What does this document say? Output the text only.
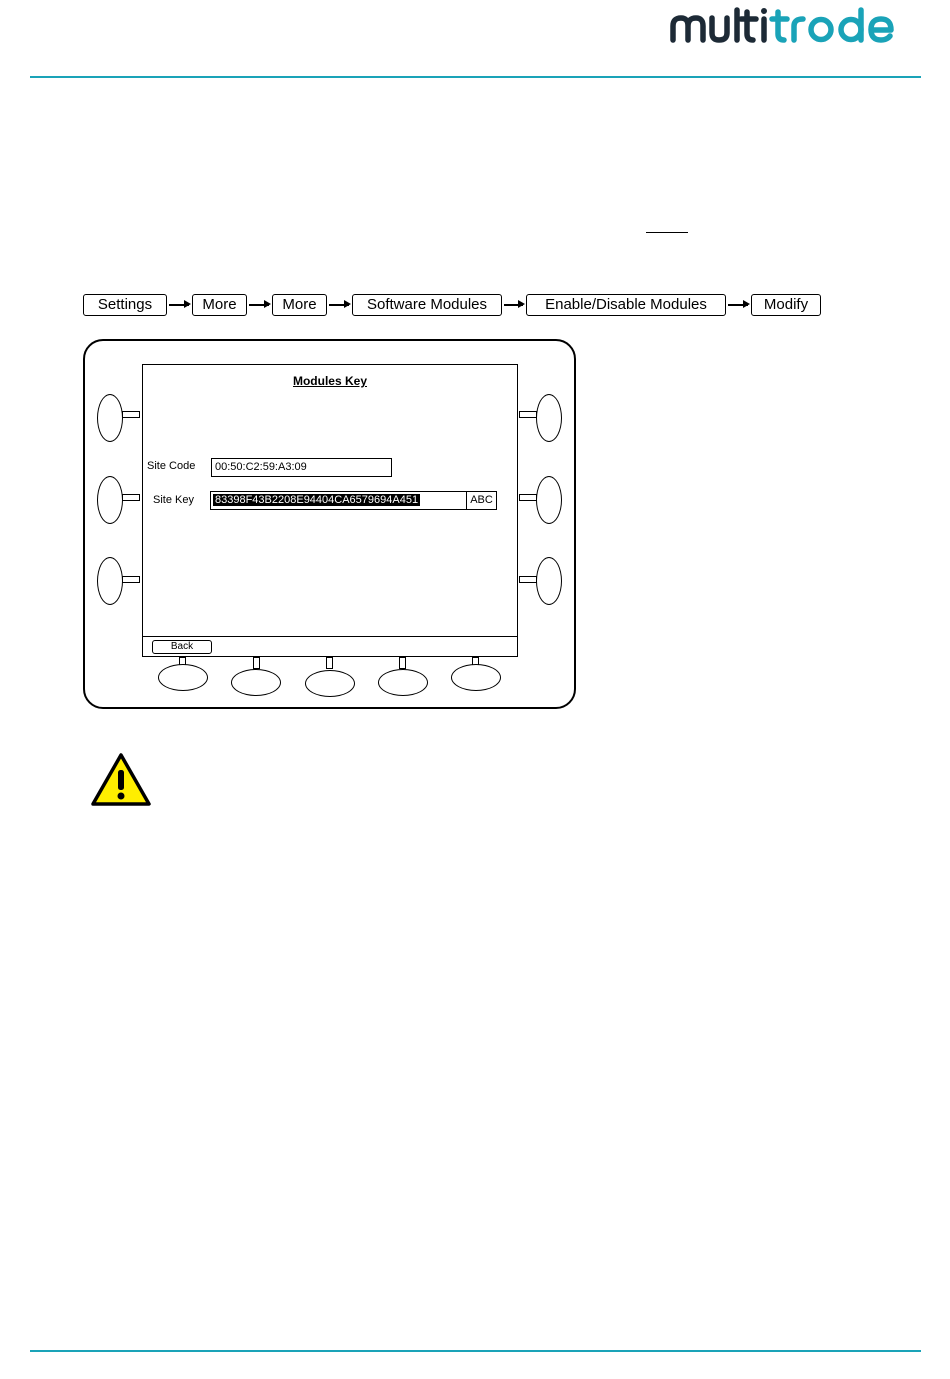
Settings	More	More	Software Modules	Enable/Disable Modules	Modify
Modules Key
Site Code	00:50:C2:59:A3:09
Site Key	83398F43B2208E94404CA6579694A451	ABC
Back
